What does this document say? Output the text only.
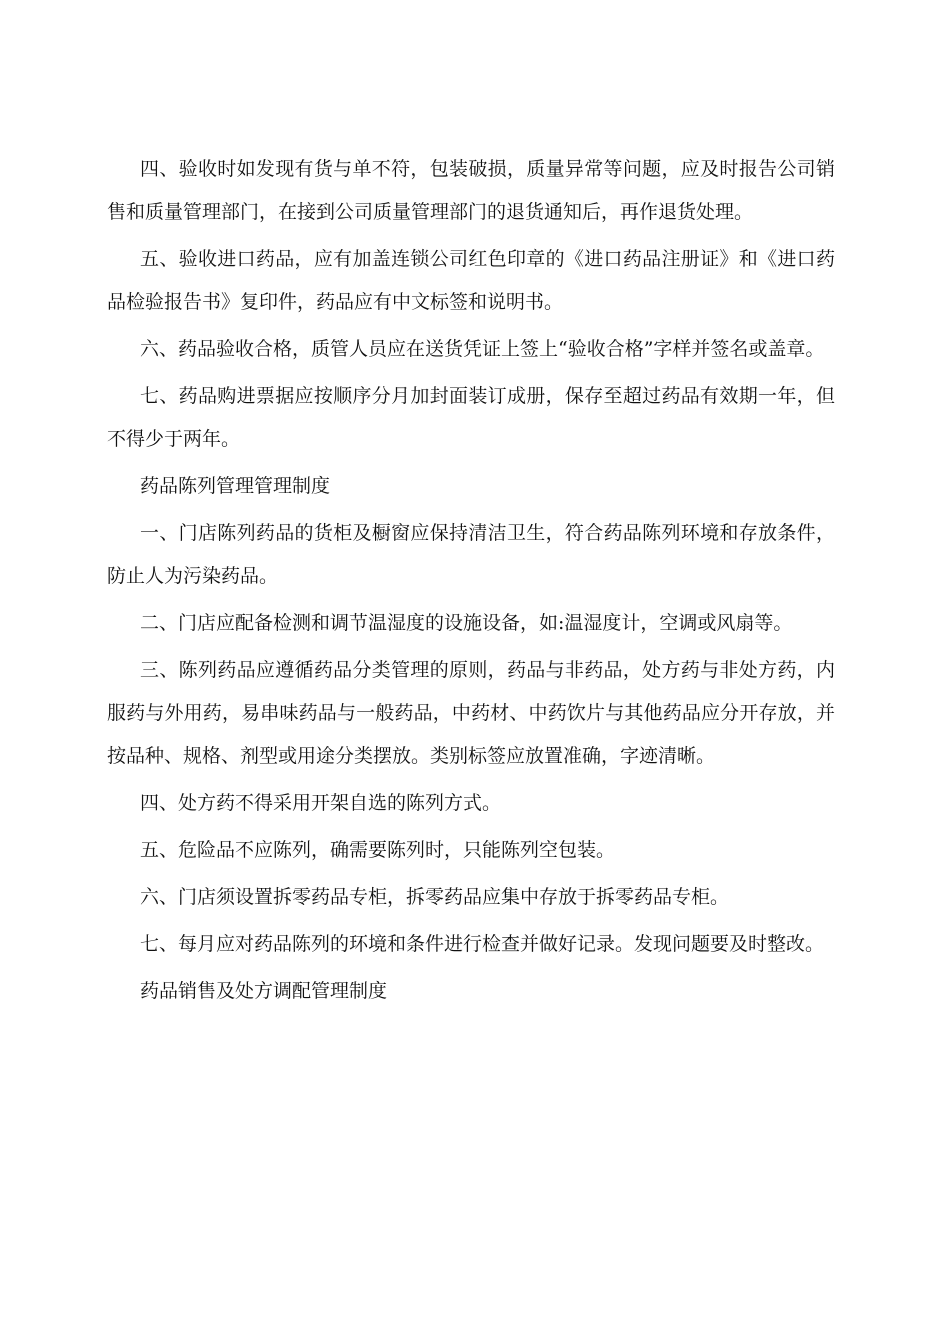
四、验收时如发现有货与单不符，包装破损，质量异常等问题，应及时报告公司销售和质量管理部门，在接到公司质量管理部门的退货通知后，再作退货处理。

五、验收进口药品，应有加盖连锁公司红色印章的《进口药品注册证》和《进口药品检验报告书》复印件，药品应有中文标签和说明书。

六、药品验收合格，质管人员应在送货凭证上签上“验收合格”字样并签名或盖章。

七、药品购进票据应按顺序分月加封面装订成册，保存至超过药品有效期一年，但不得少于两年。

药品陈列管理管理制度

一、门店陈列药品的货柜及橱窗应保持清洁卫生，符合药品陈列环境和存放条件，防止人为污染药品。

二、门店应配备检测和调节温湿度的设施设备，如:温湿度计，空调或风扇等。

三、陈列药品应遵循药品分类管理的原则，药品与非药品，处方药与非处方药，内服药与外用药，易串味药品与一般药品，中药材、中药饮片与其他药品应分开存放，并按品种、规格、剂型或用途分类摆放。类别标签应放置准确，字迹清晰。

四、处方药不得采用开架自选的陈列方式。

五、危险品不应陈列，确需要陈列时，只能陈列空包装。

六、门店须设置拆零药品专柜，拆零药品应集中存放于拆零药品专柜。

七、每月应对药品陈列的环境和条件进行检查并做好记录。发现问题要及时整改。

药品销售及处方调配管理制度
